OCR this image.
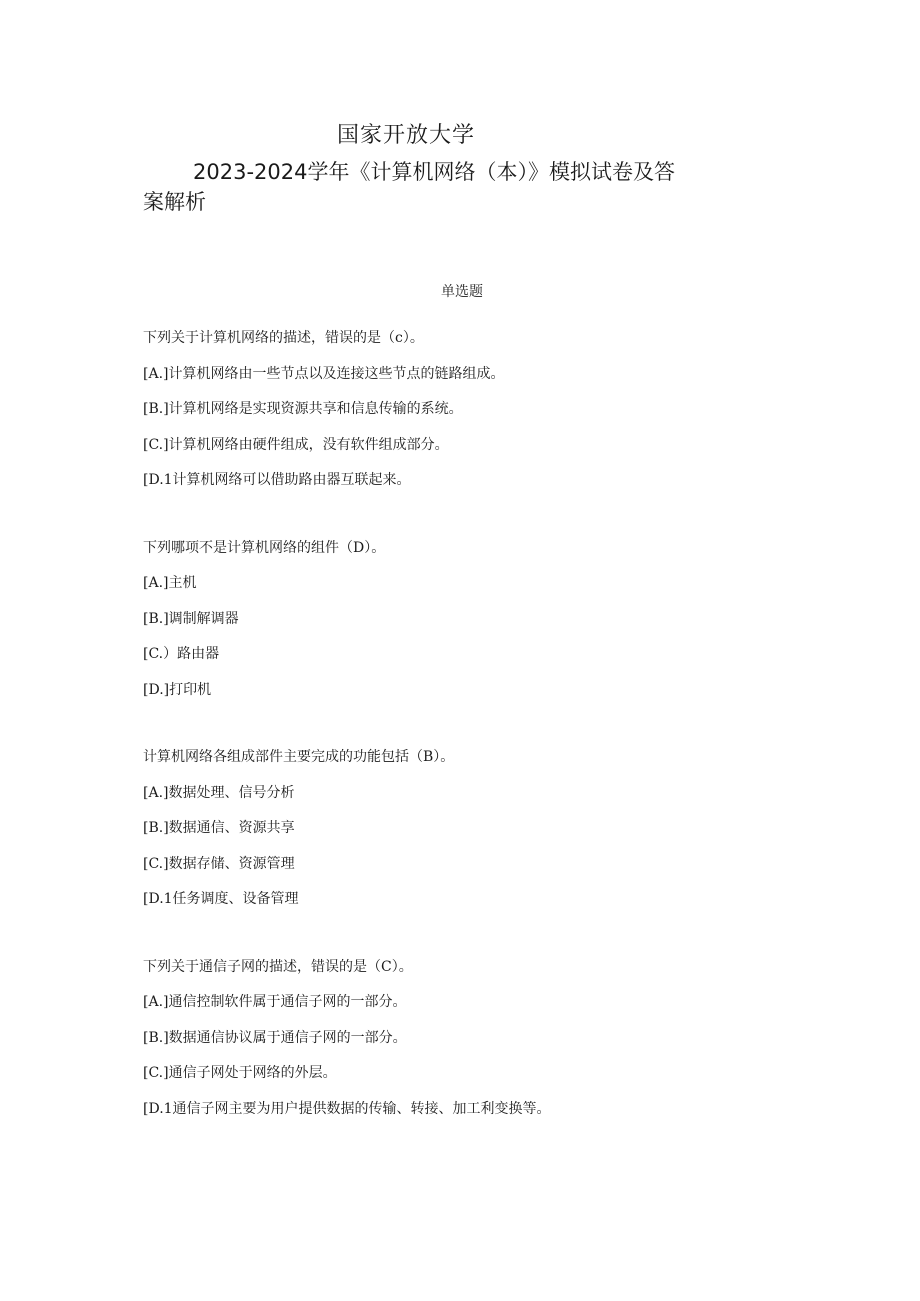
国家开放大学
2023-2024学年《计算机网络（本）》模拟试卷及答案解析
单选题
下列关于计算机网络的描述，错误的是（c）。
[A.]计算机网络由一些节点以及连接这些节点的链路组成。
[B.]计算机网络是实现资源共享和信息传输的系统。
[C.]计算机网络由硬件组成，没有软件组成部分。
[D.1计算机网络可以借助路由器互联起来。
下列哪项不是计算机网络的组件（D）。
[A.]主机
[B.]调制解调器
[C.）路由器
[D.]打印机
计算机网络各组成部件主要完成的功能包括（B）。
[A.]数据处理、信号分析
[B.]数据通信、资源共享
[C.]数据存储、资源管理
[D.1任务调度、设备管理
下列关于通信子网的描述，错误的是（C）。
[A.]通信控制软件属于通信子网的一部分。
[B.]数据通信协议属于通信子网的一部分。
[C.]通信子网处于网络的外层。
[D.1通信子网主要为用户提供数据的传输、转接、加工利变换等。
